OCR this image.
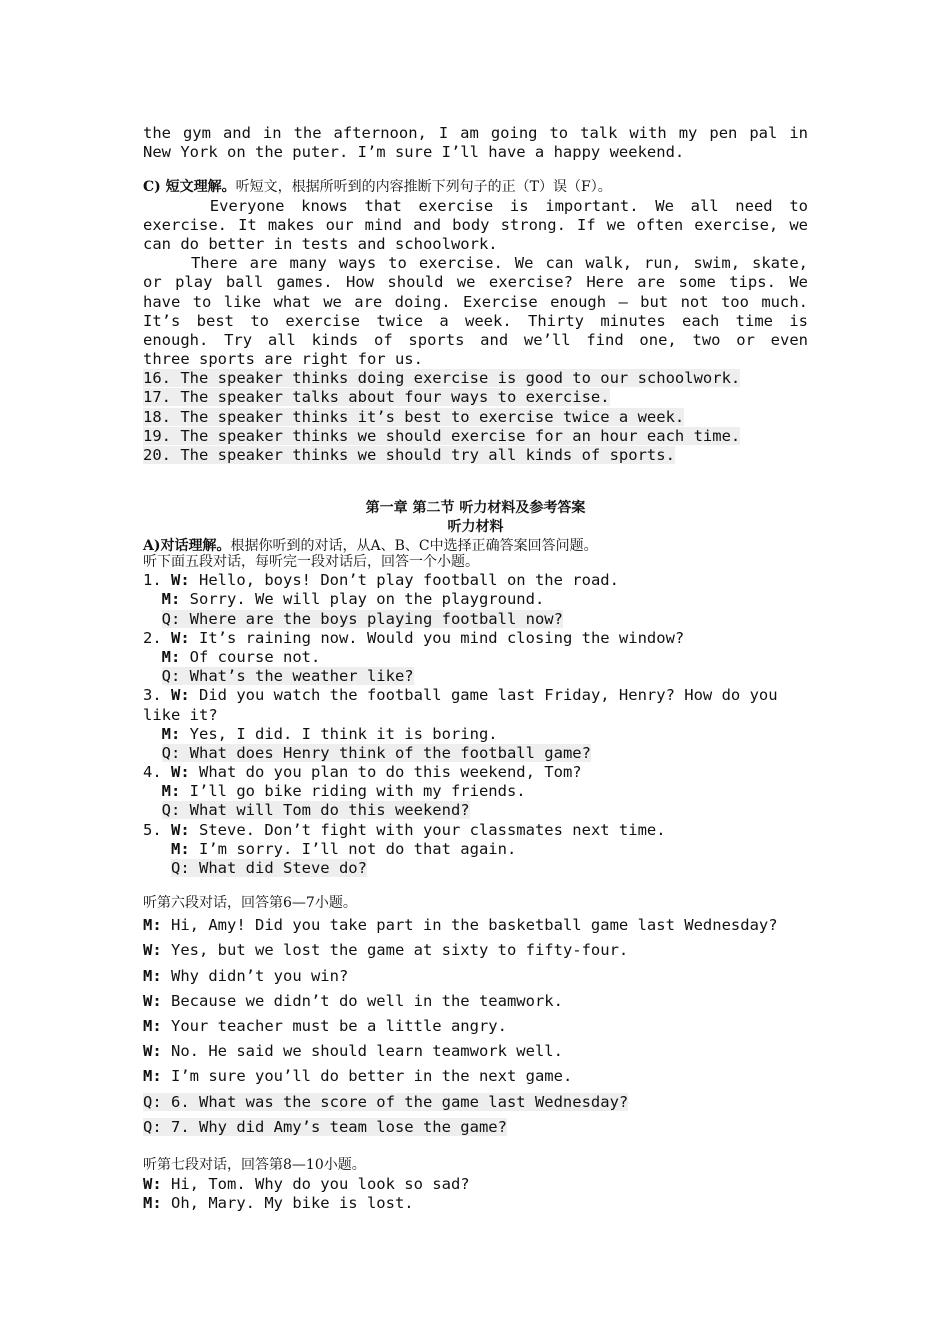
the gym and in the afternoon, I am going to talk with my pen pal in
New York on the puter. I’m sure I’ll have a happy weekend.
C) 短文理解。听短文，根据所听到的内容推断下列句子的正（T）误（F）。
Everyone knows that exercise is important. We all need to
exercise. It makes our mind and body strong. If we often exercise, we
can do better in tests and schoolwork.
There are many ways to exercise. We can walk, run, swim, skate,
or play ball games. How should we exercise? Here are some tips. We
have to like what we are doing. Exercise enough — but not too much.
It’s best to exercise twice a week. Thirty minutes each time is
enough. Try all kinds of sports and we’ll find one, two or even
three sports are right for us.
16. The speaker thinks doing exercise is good to our schoolwork.
17. The speaker talks about four ways to exercise.
18. The speaker thinks it’s best to exercise twice a week.
19. The speaker thinks we should exercise for an hour each time.
20. The speaker thinks we should try all kinds of sports.
第一章 第二节 听力材料及参考答案
听力材料
A)对话理解。根据你听到的对话，从A、B、C中选择正确答案回答问题。
听下面五段对话，每听完一段对话后，回答一个小题。
1. W: Hello, boys! Don’t play football on the road.
M: Sorry. We will play on the playground.
Q: Where are the boys playing football now?
2. W: It’s raining now. Would you mind closing the window?
M: Of course not.
Q: What’s the weather like?
3. W: Did you watch the football game last Friday, Henry? How do you
like it?
M: Yes, I did. I think it is boring.
Q: What does Henry think of the football game?
4. W: What do you plan to do this weekend, Tom?
M: I’ll go bike riding with my friends.
Q: What will Tom do this weekend?
5. W: Steve. Don’t fight with your classmates next time.
M: I’m sorry. I’ll not do that again.
Q: What did Steve do?
听第六段对话，回答第6—7小题。
M: Hi, Amy! Did you take part in the basketball game last Wednesday?
W: Yes, but we lost the game at sixty to fifty-four.
M: Why didn’t you win?
W: Because we didn’t do well in the teamwork.
M: Your teacher must be a little angry.
W: No. He said we should learn teamwork well.
M: I’m sure you’ll do better in the next game.
Q: 6. What was the score of the game last Wednesday?
Q: 7. Why did Amy’s team lose the game?
听第七段对话，回答第8—10小题。
W: Hi, Tom. Why do you look so sad?
M: Oh, Mary. My bike is lost.
